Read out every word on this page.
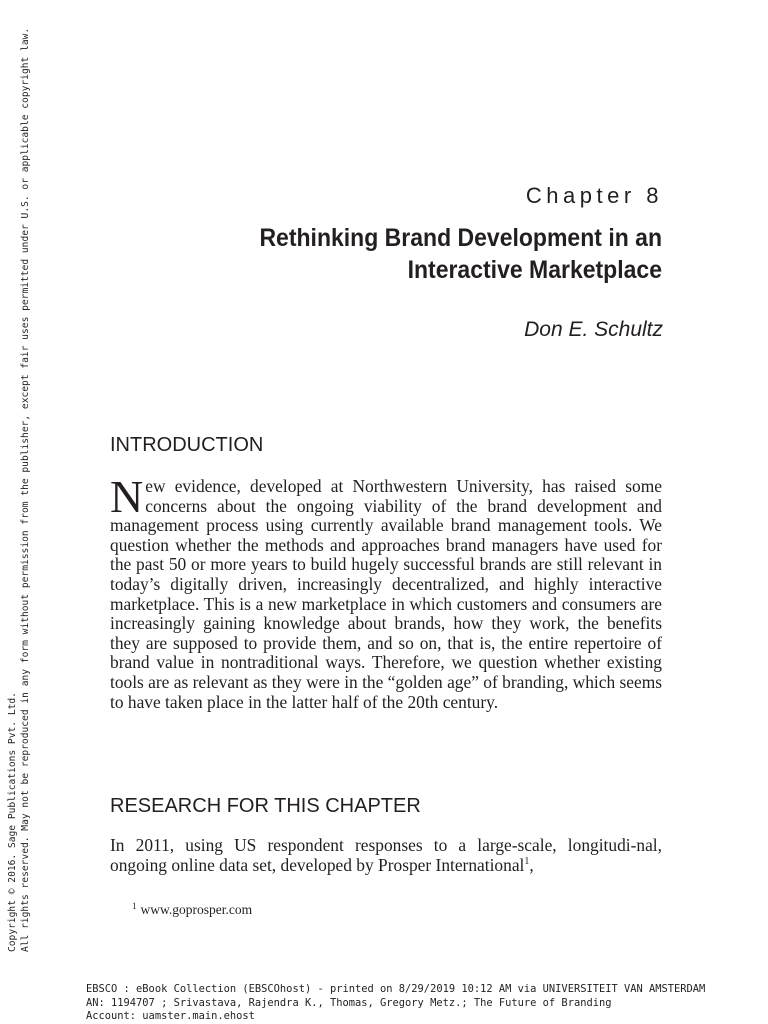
Copyright © 2016. Sage Publications Pvt. Ltd. All rights reserved. May not be reproduced in any form without permission from the publisher, except fair uses permitted under U.S. or applicable copyright law.	Chapter 8
Rethinking Brand Development in an
Interactive Marketplace
Don E. Schultz
INTRODUCTION
New evidence, developed at Northwestern University, has raised some concerns about the ongoing viability of the brand development and management process using currently available brand management tools. We question whether the methods and approaches brand managers have used for the past 50 or more years to build hugely successful brands are still relevant in today’s digitally driven, increasingly decentralized, and highly interactive marketplace. This is a new marketplace in which customers and consumers are increasingly gaining knowledge about brands, how they work, the benefits they are supposed to provide them, and so on, that is, the entire repertoire of brand value in nontraditional ways. Therefore, we question whether existing tools are as relevant as they were in the “golden age” of branding, which seems to have taken place in the latter half of the 20th century.
RESEARCH FOR THIS CHAPTER
In 2011, using US respondent responses to a large-scale, longitudi-nal, ongoing online data set, developed by Prosper International$^1$,
$^1$ www.goprosper.com
EBSCO : eBook Collection (EBSCOhost) - printed on 8/29/2019 10:12 AM via UNIVERSITEIT VAN AMSTERDAM
AN: 1194707 ; Srivastava, Rajendra K., Thomas, Gregory Metz.; The Future of Branding
Account: uamster.main.ehost
